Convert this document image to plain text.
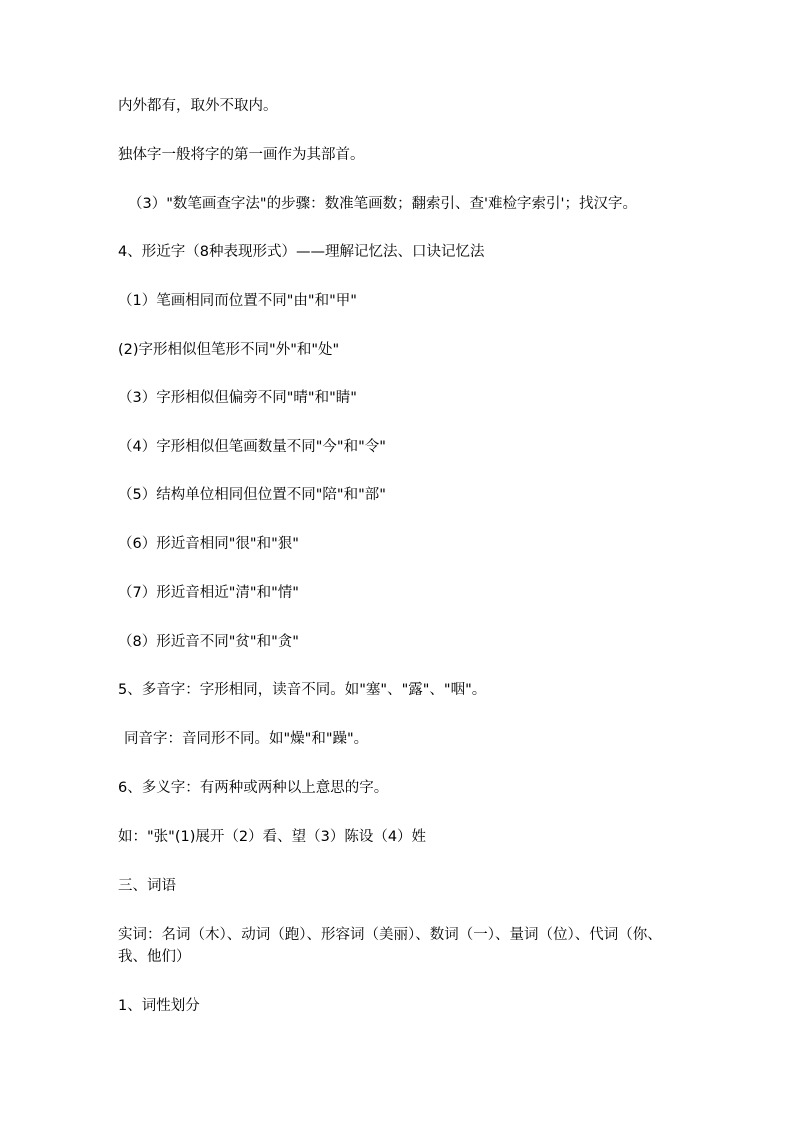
内外都有，取外不取内。
独体字一般将字的第一画作为其部首。
（3）"数笔画查字法"的步骤：数准笔画数；翻索引、查'难检字索引'；找汉字。
4、形近字（8种表现形式）——理解记忆法、口诀记忆法
（1）笔画相同而位置不同"由"和"甲"
(2)字形相似但笔形不同"外"和"处"
（3）字形相似但偏旁不同"晴"和"睛"
（4）字形相似但笔画数量不同"今"和"令"
（5）结构单位相同但位置不同"陪"和"部"
（6）形近音相同"很"和"狠"
（7）形近音相近"清"和"情"
（8）形近音不同"贫"和"贪"
5、多音字：字形相同，读音不同。如"塞"、"露"、"咽"。
同音字：音同形不同。如"燥"和"躁"。
6、多义字：有两种或两种以上意思的字。
如："张"(1)展开（2）看、望（3）陈设（4）姓
三、词语
实词：名词（木）、动词（跑）、形容词（美丽）、数词（一）、量词（位）、代词（你、我、他们）
1、词性划分
